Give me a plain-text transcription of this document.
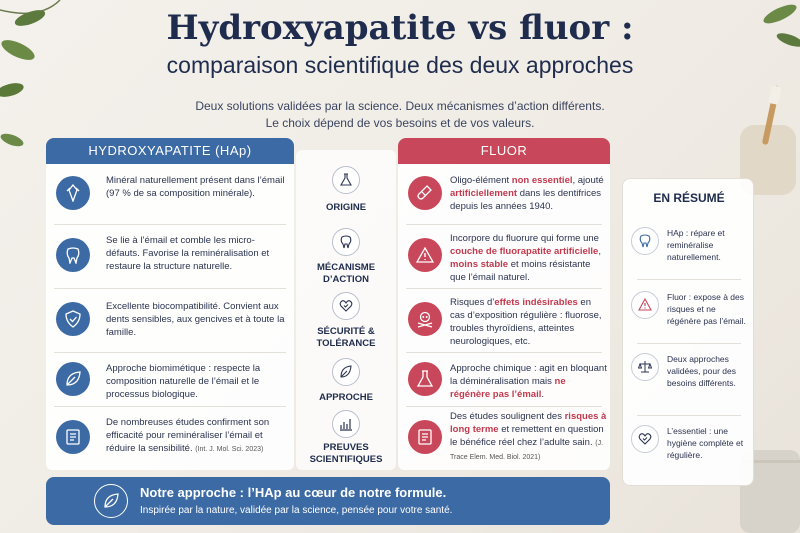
Hydroxyapatite vs fluor :
comparaison scientifique des deux approches
Deux solutions validées par la science. Deux mécanismes d’action différents.
Le choix dépend de vos besoins et de vos valeurs.
HYDROXYAPATITE (HAp)	FLUOR
Minéral naturellement présent dans l’émail (97 % de sa composition minérale).
Se lie à l’émail et comble les micro-défauts. Favorise la reminéralisation et restaure la structure naturelle.
Excellente biocompatibilité. Convient aux dents sensibles, aux gencives et à toute la famille.
Approche biomimétique : respecte la composition naturelle de l’émail et le processus biologique.
De nombreuses études confirment son efficacité pour reminéraliser l’émail et réduire la sensibilité. (Int. J. Mol. Sci. 2023)
ORIGINE
MÉCANISME D’ACTION
SÉCURITÉ & TOLÉRANCE
APPROCHE
PREUVES SCIENTIFIQUES
Oligo-élément non essentiel, ajouté artificiellement dans les dentifrices depuis les années 1940.
Incorpore du fluorure qui forme une couche de fluorapatite artificielle, moins stable et moins résistante que l’émail naturel.
Risques d’effets indésirables en cas d’exposition régulière : fluorose, troubles thyroïdiens, atteintes neurologiques, etc.
Approche chimique : agit en bloquant la déminéralisation mais ne régénère pas l’émail.
Des études soulignent des risques à long terme et remettent en question le bénéfice réel chez l’adulte sain. (J. Trace Elem. Med. Biol. 2021)
EN RÉSUMÉ
HAp : répare et reminéralise naturellement.
Fluor : expose à des risques et ne régénère pas l’émail.
Deux approches validées, pour des besoins différents.
L’essentiel : une hygiène complète et régulière.
Notre approche : l’HAp au cœur de notre formule.
Inspirée par la nature, validée par la science, pensée pour votre santé.
